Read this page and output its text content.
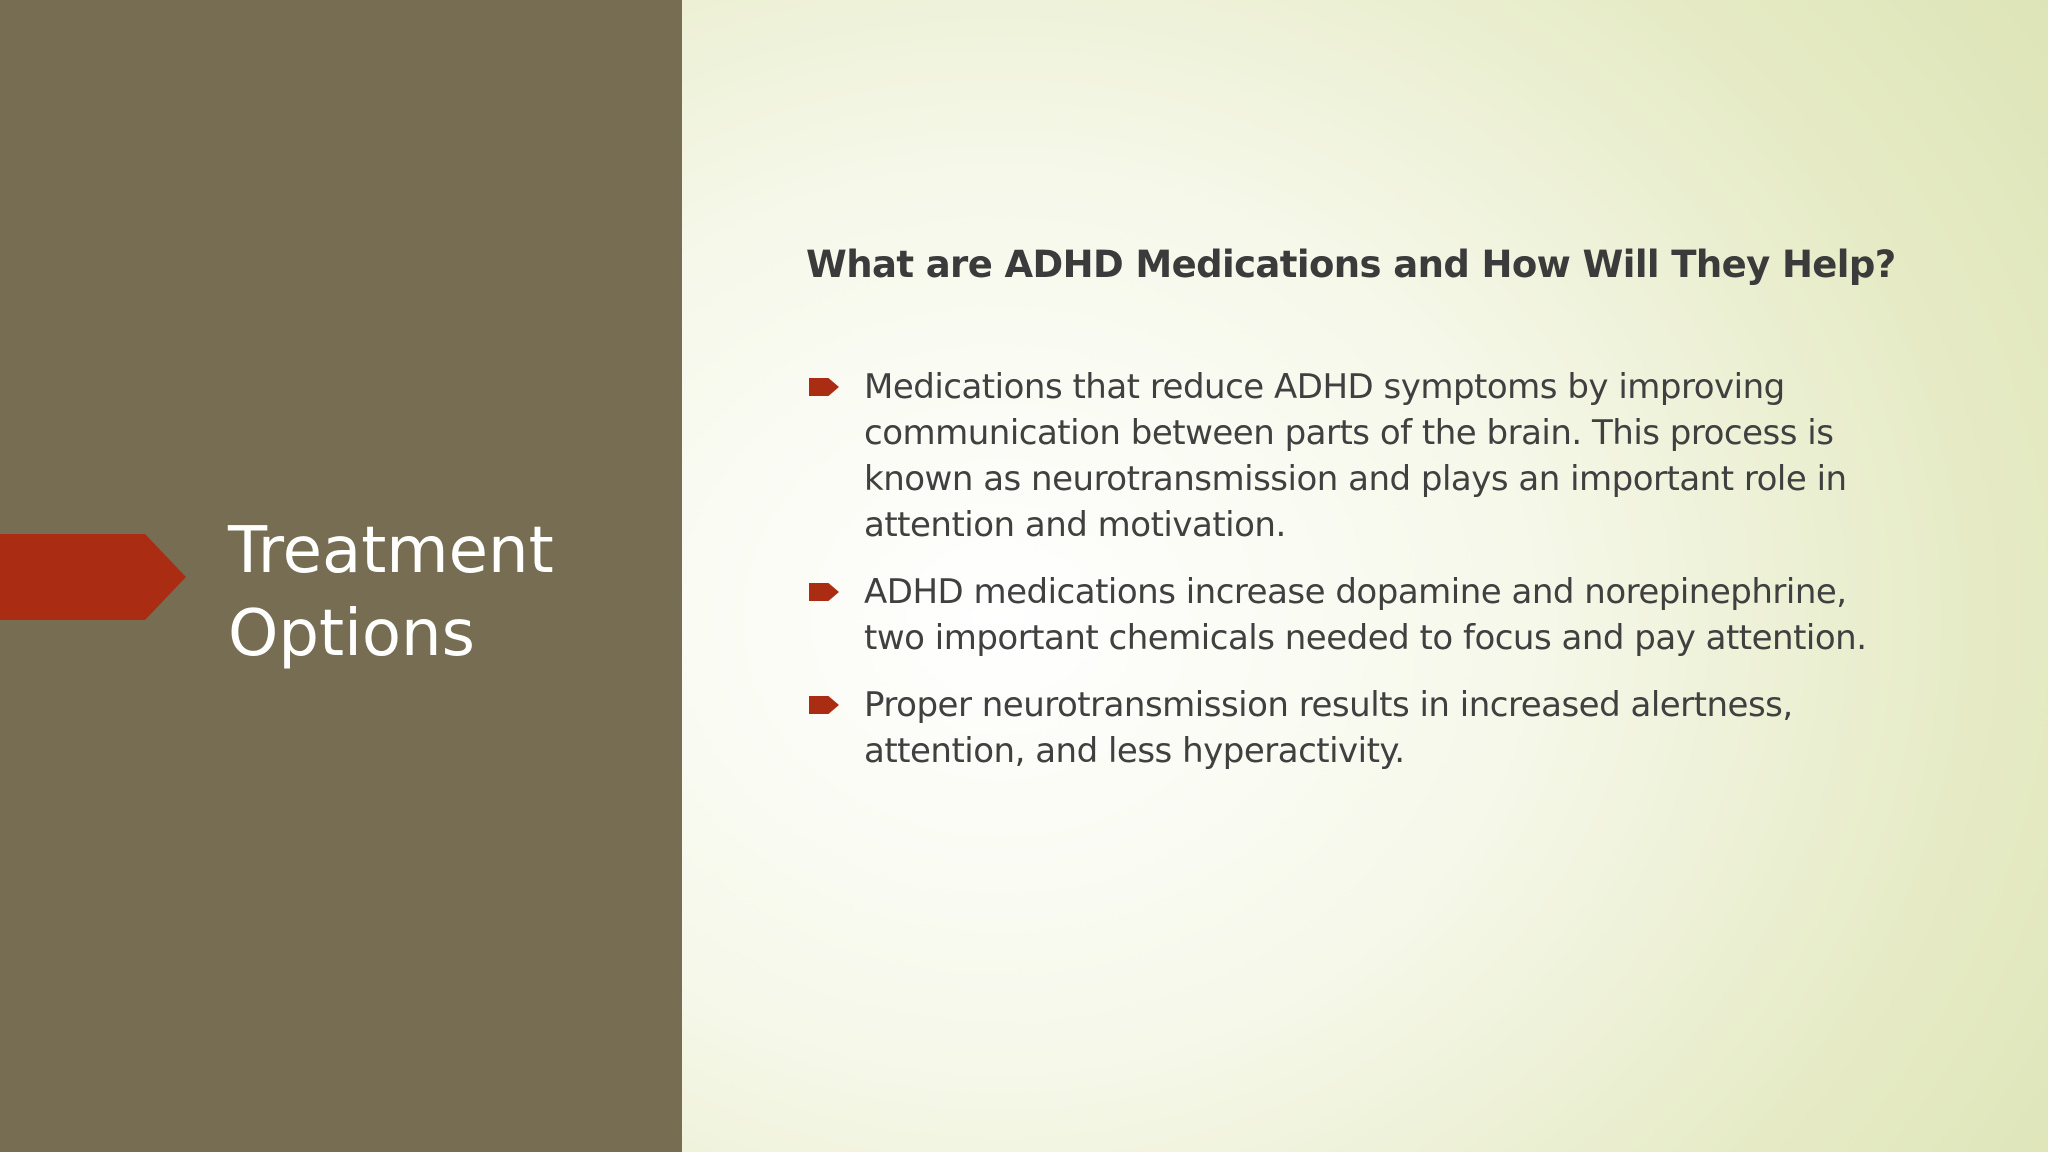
Treatment
Options
What are ADHD Medications and How Will They Help?
Medications that reduce ADHD symptoms by improving
communication between parts of the brain. This process is
known as neurotransmission and plays an important role in
attention and motivation.
ADHD medications increase dopamine and norepinephrine,
two important chemicals needed to focus and pay attention.
Proper neurotransmission results in increased alertness,
attention, and less hyperactivity.
